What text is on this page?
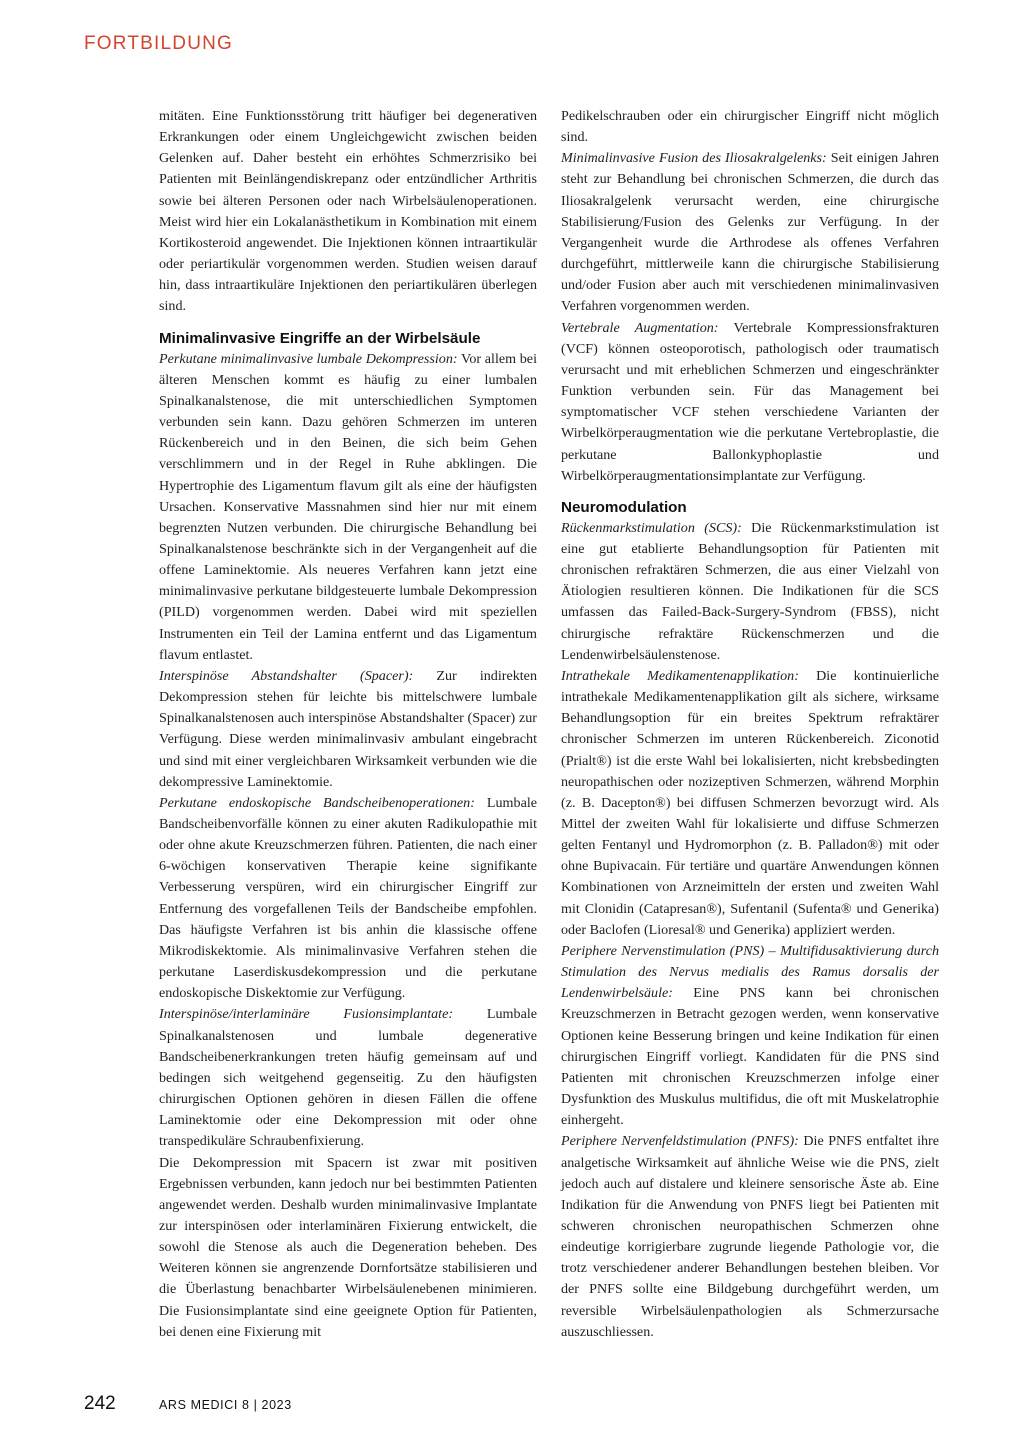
FORTBILDUNG

mitäten. Eine Funktionsstörung tritt häufiger bei degenerativen Erkrankungen oder einem Ungleichgewicht zwischen beiden Gelenken auf. Daher besteht ein erhöhtes Schmerzrisiko bei Patienten mit Beinlängendiskrepanz oder entzündlicher Arthritis sowie bei älteren Personen oder nach Wirbelsäulenoperationen. Meist wird hier ein Lokalanästhetikum in Kombination mit einem Kortikosteroid angewendet. Die Injektionen können intraartikulär oder periartikulär vorgenommen werden. Studien weisen darauf hin, dass intraartikuläre Injektionen den periartikulären überlegen sind.

Minimalinvasive Eingriffe an der Wirbelsäule

Perkutane minimalinvasive lumbale Dekompression: Vor allem bei älteren Menschen kommt es häufig zu einer lumbalen Spinalkanalstenose, die mit unterschiedlichen Symptomen verbunden sein kann. Dazu gehören Schmerzen im unteren Rückenbereich und in den Beinen, die sich beim Gehen verschlimmern und in der Regel in Ruhe abklingen. Die Hypertrophie des Ligamentum flavum gilt als eine der häufigsten Ursachen. Konservative Massnahmen sind hier nur mit einem begrenzten Nutzen verbunden. Die chirurgische Behandlung bei Spinalkanalstenose beschränkte sich in der Vergangenheit auf die offene Laminektomie. Als neueres Verfahren kann jetzt eine minimalinvasive perkutane bildgesteuerte lumbale Dekompression (PILD) vorgenommen werden. Dabei wird mit speziellen Instrumenten ein Teil der Lamina entfernt und das Ligamentum flavum entlastet.

Interspinöse Abstandshalter (Spacer): Zur indirekten Dekompression stehen für leichte bis mittelschwere lumbale Spinalkanalstenosen auch interspinöse Abstandshalter (Spacer) zur Verfügung. Diese werden minimalinvasiv ambulant eingebracht und sind mit einer vergleichbaren Wirksamkeit verbunden wie die dekompressive Laminektomie.

Perkutane endoskopische Bandscheibenoperationen: Lumbale Bandscheibenvorfälle können zu einer akuten Radikulopathie mit oder ohne akute Kreuzschmerzen führen. Patienten, die nach einer 6-wöchigen konservativen Therapie keine signifikante Verbesserung verspüren, wird ein chirurgischer Eingriff zur Entfernung des vorgefallenen Teils der Bandscheibe empfohlen. Das häufigste Verfahren ist bis anhin die klassische offene Mikrodiskektomie. Als minimalinvasive Verfahren stehen die perkutane Laserdiskusdekompression und die perkutane endoskopische Diskektomie zur Verfügung.

Interspinöse/interlaminäre Fusionsimplantate: Lumbale Spinalkanalstenosen und lumbale degenerative Bandscheibenerkrankungen treten häufig gemeinsam auf und bedingen sich weitgehend gegenseitig. Zu den häufigsten chirurgischen Optionen gehören in diesen Fällen die offene Laminektomie oder eine Dekompression mit oder ohne transpedikuläre Schraubenfixierung.

Die Dekompression mit Spacern ist zwar mit positiven Ergebnissen verbunden, kann jedoch nur bei bestimmten Patienten angewendet werden. Deshalb wurden minimalinvasive Implantate zur interspinösen oder interlaminären Fixierung entwickelt, die sowohl die Stenose als auch die Degeneration beheben. Des Weiteren können sie angrenzende Dornfortsätze stabilisieren und die Überlastung benachbarter Wirbelsäulenebenen minimieren. Die Fusionsimplantate sind eine geeignete Option für Patienten, bei denen eine Fixierung mit

Pedikelschrauben oder ein chirurgischer Eingriff nicht möglich sind.

Minimalinvasive Fusion des Iliosakralgelenks: Seit einigen Jahren steht zur Behandlung bei chronischen Schmerzen, die durch das Iliosakralgelenk verursacht werden, eine chirurgische Stabilisierung/Fusion des Gelenks zur Verfügung. In der Vergangenheit wurde die Arthrodese als offenes Verfahren durchgeführt, mittlerweile kann die chirurgische Stabilisierung und/oder Fusion aber auch mit verschiedenen minimalinvasiven Verfahren vorgenommen werden.

Vertebrale Augmentation: Vertebrale Kompressionsfrakturen (VCF) können osteoporotisch, pathologisch oder traumatisch verursacht und mit erheblichen Schmerzen und eingeschränkter Funktion verbunden sein. Für das Management bei symptomatischer VCF stehen verschiedene Varianten der Wirbelkörperaugmentation wie die perkutane Vertebroplastie, die perkutane Ballonkyphoplastie und Wirbelkörperaugmentationsimplantate zur Verfügung.

Neuromodulation

Rückenmarkstimulation (SCS): Die Rückenmarkstimulation ist eine gut etablierte Behandlungsoption für Patienten mit chronischen refraktären Schmerzen, die aus einer Vielzahl von Ätiologien resultieren können. Die Indikationen für die SCS umfassen das Failed-Back-Surgery-Syndrom (FBSS), nicht chirurgische refraktäre Rückenschmerzen und die Lendenwirbelsäulenstenose.

Intrathekale Medikamentenapplikation: Die kontinuierliche intrathekale Medikamentenapplikation gilt als sichere, wirksame Behandlungsoption für ein breites Spektrum refraktärer chronischer Schmerzen im unteren Rückenbereich. Ziconotid (Prialt®) ist die erste Wahl bei lokalisierten, nicht krebsbedingten neuropathischen oder nozizeptiven Schmerzen, während Morphin (z. B. Dacepton®) bei diffusen Schmerzen bevorzugt wird. Als Mittel der zweiten Wahl für lokalisierte und diffuse Schmerzen gelten Fentanyl und Hydromorphon (z. B. Palladon®) mit oder ohne Bupivacain. Für tertiäre und quartäre Anwendungen können Kombinationen von Arzneimitteln der ersten und zweiten Wahl mit Clonidin (Catapresan®), Sufentanil (Sufenta® und Generika) oder Baclofen (Lioresal® und Generika) appliziert werden.

Periphere Nervenstimulation (PNS) – Multifidusaktivierung durch Stimulation des Nervus medialis des Ramus dorsalis der Lendenwirbelsäule: Eine PNS kann bei chronischen Kreuzschmerzen in Betracht gezogen werden, wenn konservative Optionen keine Besserung bringen und keine Indikation für einen chirurgischen Eingriff vorliegt. Kandidaten für die PNS sind Patienten mit chronischen Kreuzschmerzen infolge einer Dysfunktion des Muskulus multifidus, die oft mit Muskelatrophie einhergeht.

Periphere Nervenfeldstimulation (PNFS): Die PNFS entfaltet ihre analgetische Wirksamkeit auf ähnliche Weise wie die PNS, zielt jedoch auch auf distalere und kleinere sensorische Äste ab. Eine Indikation für die Anwendung von PNFS liegt bei Patienten mit schweren chronischen neuropathischen Schmerzen ohne eindeutige korrigierbare zugrunde liegende Pathologie vor, die trotz verschiedener anderer Behandlungen bestehen bleiben. Vor der PNFS sollte eine Bildgebung durchgeführt werden, um reversible Wirbelsäulenpathologien als Schmerzursache auszuschliessen.

242	ARS MEDICI 8 | 2023
